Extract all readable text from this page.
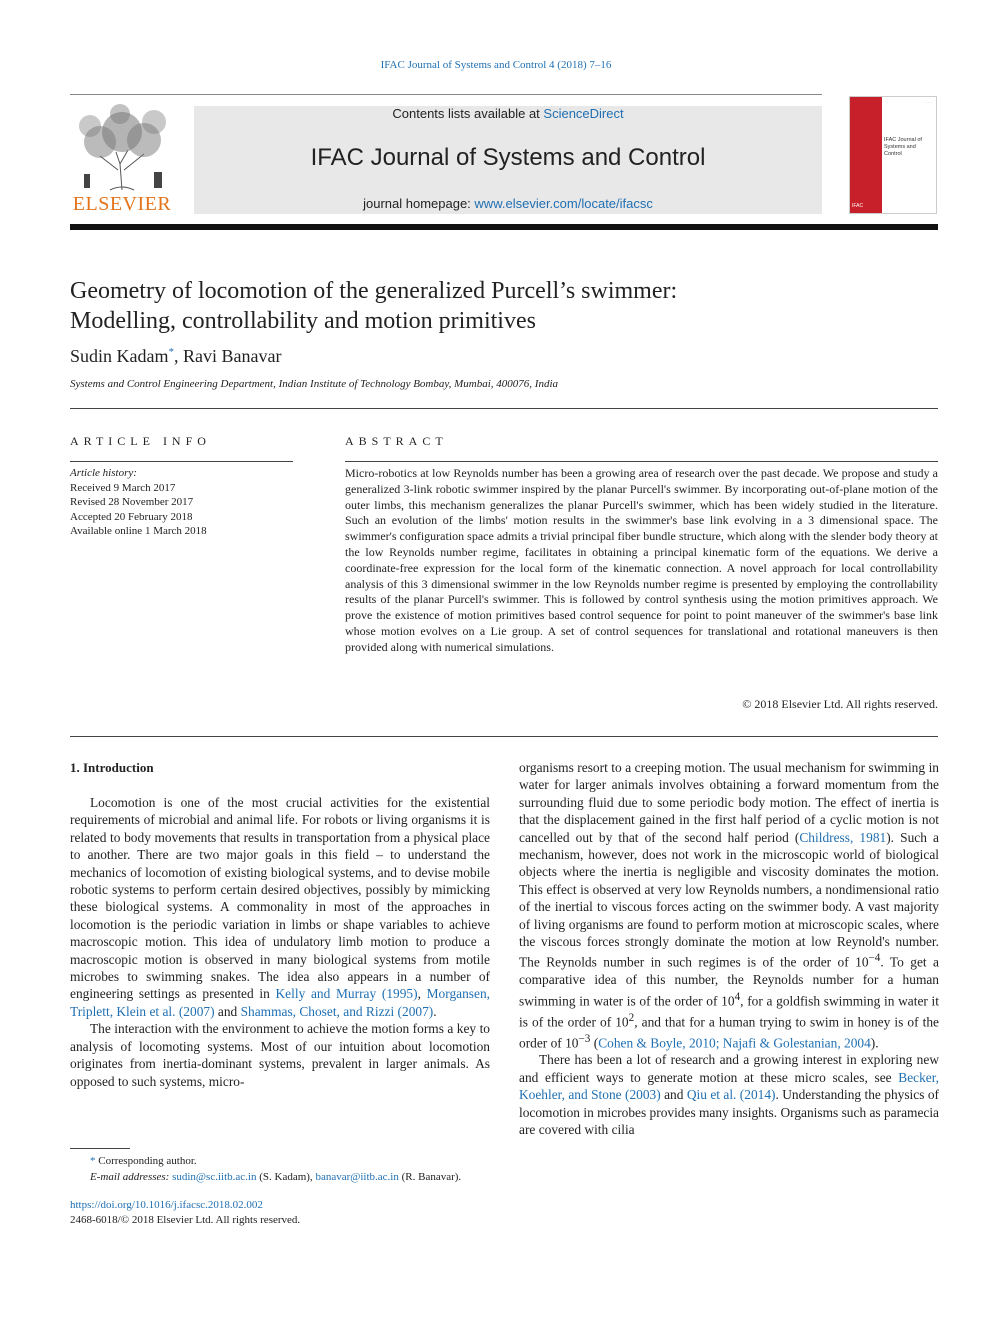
IFAC Journal of Systems and Control 4 (2018) 7–16
ELSEVIER
Contents lists available at ScienceDirect
IFAC Journal of Systems and Control
journal homepage: www.elsevier.com/locate/ifacsc
· · ·
IFAC Journal of Systems and Control
IFAC
Geometry of locomotion of the generalized Purcell’s swimmer:
Modelling, controllability and motion primitives
Sudin Kadam*, Ravi Banavar
Systems and Control Engineering Department, Indian Institute of Technology Bombay, Mumbai, 400076, India
ARTICLE INFO
Article history:
Received 9 March 2017
Revised 28 November 2017
Accepted 20 February 2018
Available online 1 March 2018
ABSTRACT
Micro-robotics at low Reynolds number has been a growing area of research over the past decade. We propose and study a generalized 3-link robotic swimmer inspired by the planar Purcell's swimmer. By incorporating out-of-plane motion of the outer limbs, this mechanism generalizes the planar Purcell's swimmer, which has been widely studied in the literature. Such an evolution of the limbs' motion results in the swimmer's base link evolving in a 3 dimensional space. The swimmer's configuration space admits a trivial principal fiber bundle structure, which along with the slender body theory at the low Reynolds number regime, facilitates in obtaining a principal kinematic form of the equations. We derive a coordinate-free expression for the local form of the kinematic connection. A novel approach for local controllability analysis of this 3 dimensional swimmer in the low Reynolds number regime is presented by employing the controllability results of the planar Purcell's swimmer. This is followed by control synthesis using the motion primitives approach. We prove the existence of motion primitives based control sequence for point to point maneuver of the swimmer's base link whose motion evolves on a Lie group. A set of control sequences for translational and rotational maneuvers is then provided along with numerical simulations.
© 2018 Elsevier Ltd. All rights reserved.
1. Introduction

Locomotion is one of the most crucial activities for the existential requirements of microbial and animal life. For robots or living organisms it is related to body movements that results in transportation from a physical place to another. There are two major goals in this field – to understand the mechanics of locomotion of existing biological systems, and to devise mobile robotic systems to perform certain desired objectives, possibly by mimicking these biological systems. A commonality in most of the approaches in locomotion is the periodic variation in limbs or shape variables to achieve macroscopic motion. This idea of undulatory limb motion to produce a macroscopic motion is observed in many biological systems from motile microbes to swimming snakes. The idea also appears in a number of engineering settings as presented in Kelly and Murray (1995), Morgansen, Triplett, Klein et al. (2007) and Shammas, Choset, and Rizzi (2007).

The interaction with the environment to achieve the motion forms a key to analysis of locomoting systems. Most of our intuition about locomotion originates from inertia-dominant systems, prevalent in larger animals. As opposed to such systems, micro-

organisms resort to a creeping motion. The usual mechanism for swimming in water for larger animals involves obtaining a forward momentum from the surrounding fluid due to some periodic body motion. The effect of inertia is that the displacement gained in the first half period of a cyclic motion is not cancelled out by that of the second half period (Childress, 1981). Such a mechanism, however, does not work in the microscopic world of biological objects where the inertia is negligible and viscosity dominates the motion. This effect is observed at very low Reynolds numbers, a nondimensional ratio of the inertial to viscous forces acting on the swimmer body. A vast majority of living organisms are found to perform motion at microscopic scales, where the viscous forces strongly dominate the motion at low Reynold's number. The Reynolds number in such regimes is of the order of $10^{-4}$. To get a comparative idea of this number, the Reynolds number for a human swimming in water is of the order of $10^4$, for a goldfish swimming in water it is of the order of $10^2$, and that for a human trying to swim in honey is of the order of $10^{-3}$ (Cohen & Boyle, 2010; Najafi & Golestanian, 2004).

There has been a lot of research and a growing interest in exploring new and efficient ways to generate motion at these micro scales, see Becker, Koehler, and Stone (2003) and Qiu et al. (2014). Understanding the physics of locomotion in microbes provides many insights. Organisms such as paramecia are covered with cilia

* Corresponding author.
E-mail addresses: sudin@sc.iitb.ac.in (S. Kadam), banavar@iitb.ac.in (R. Banavar).
https://doi.org/10.1016/j.ifacsc.2018.02.002
2468-6018/© 2018 Elsevier Ltd. All rights reserved.
